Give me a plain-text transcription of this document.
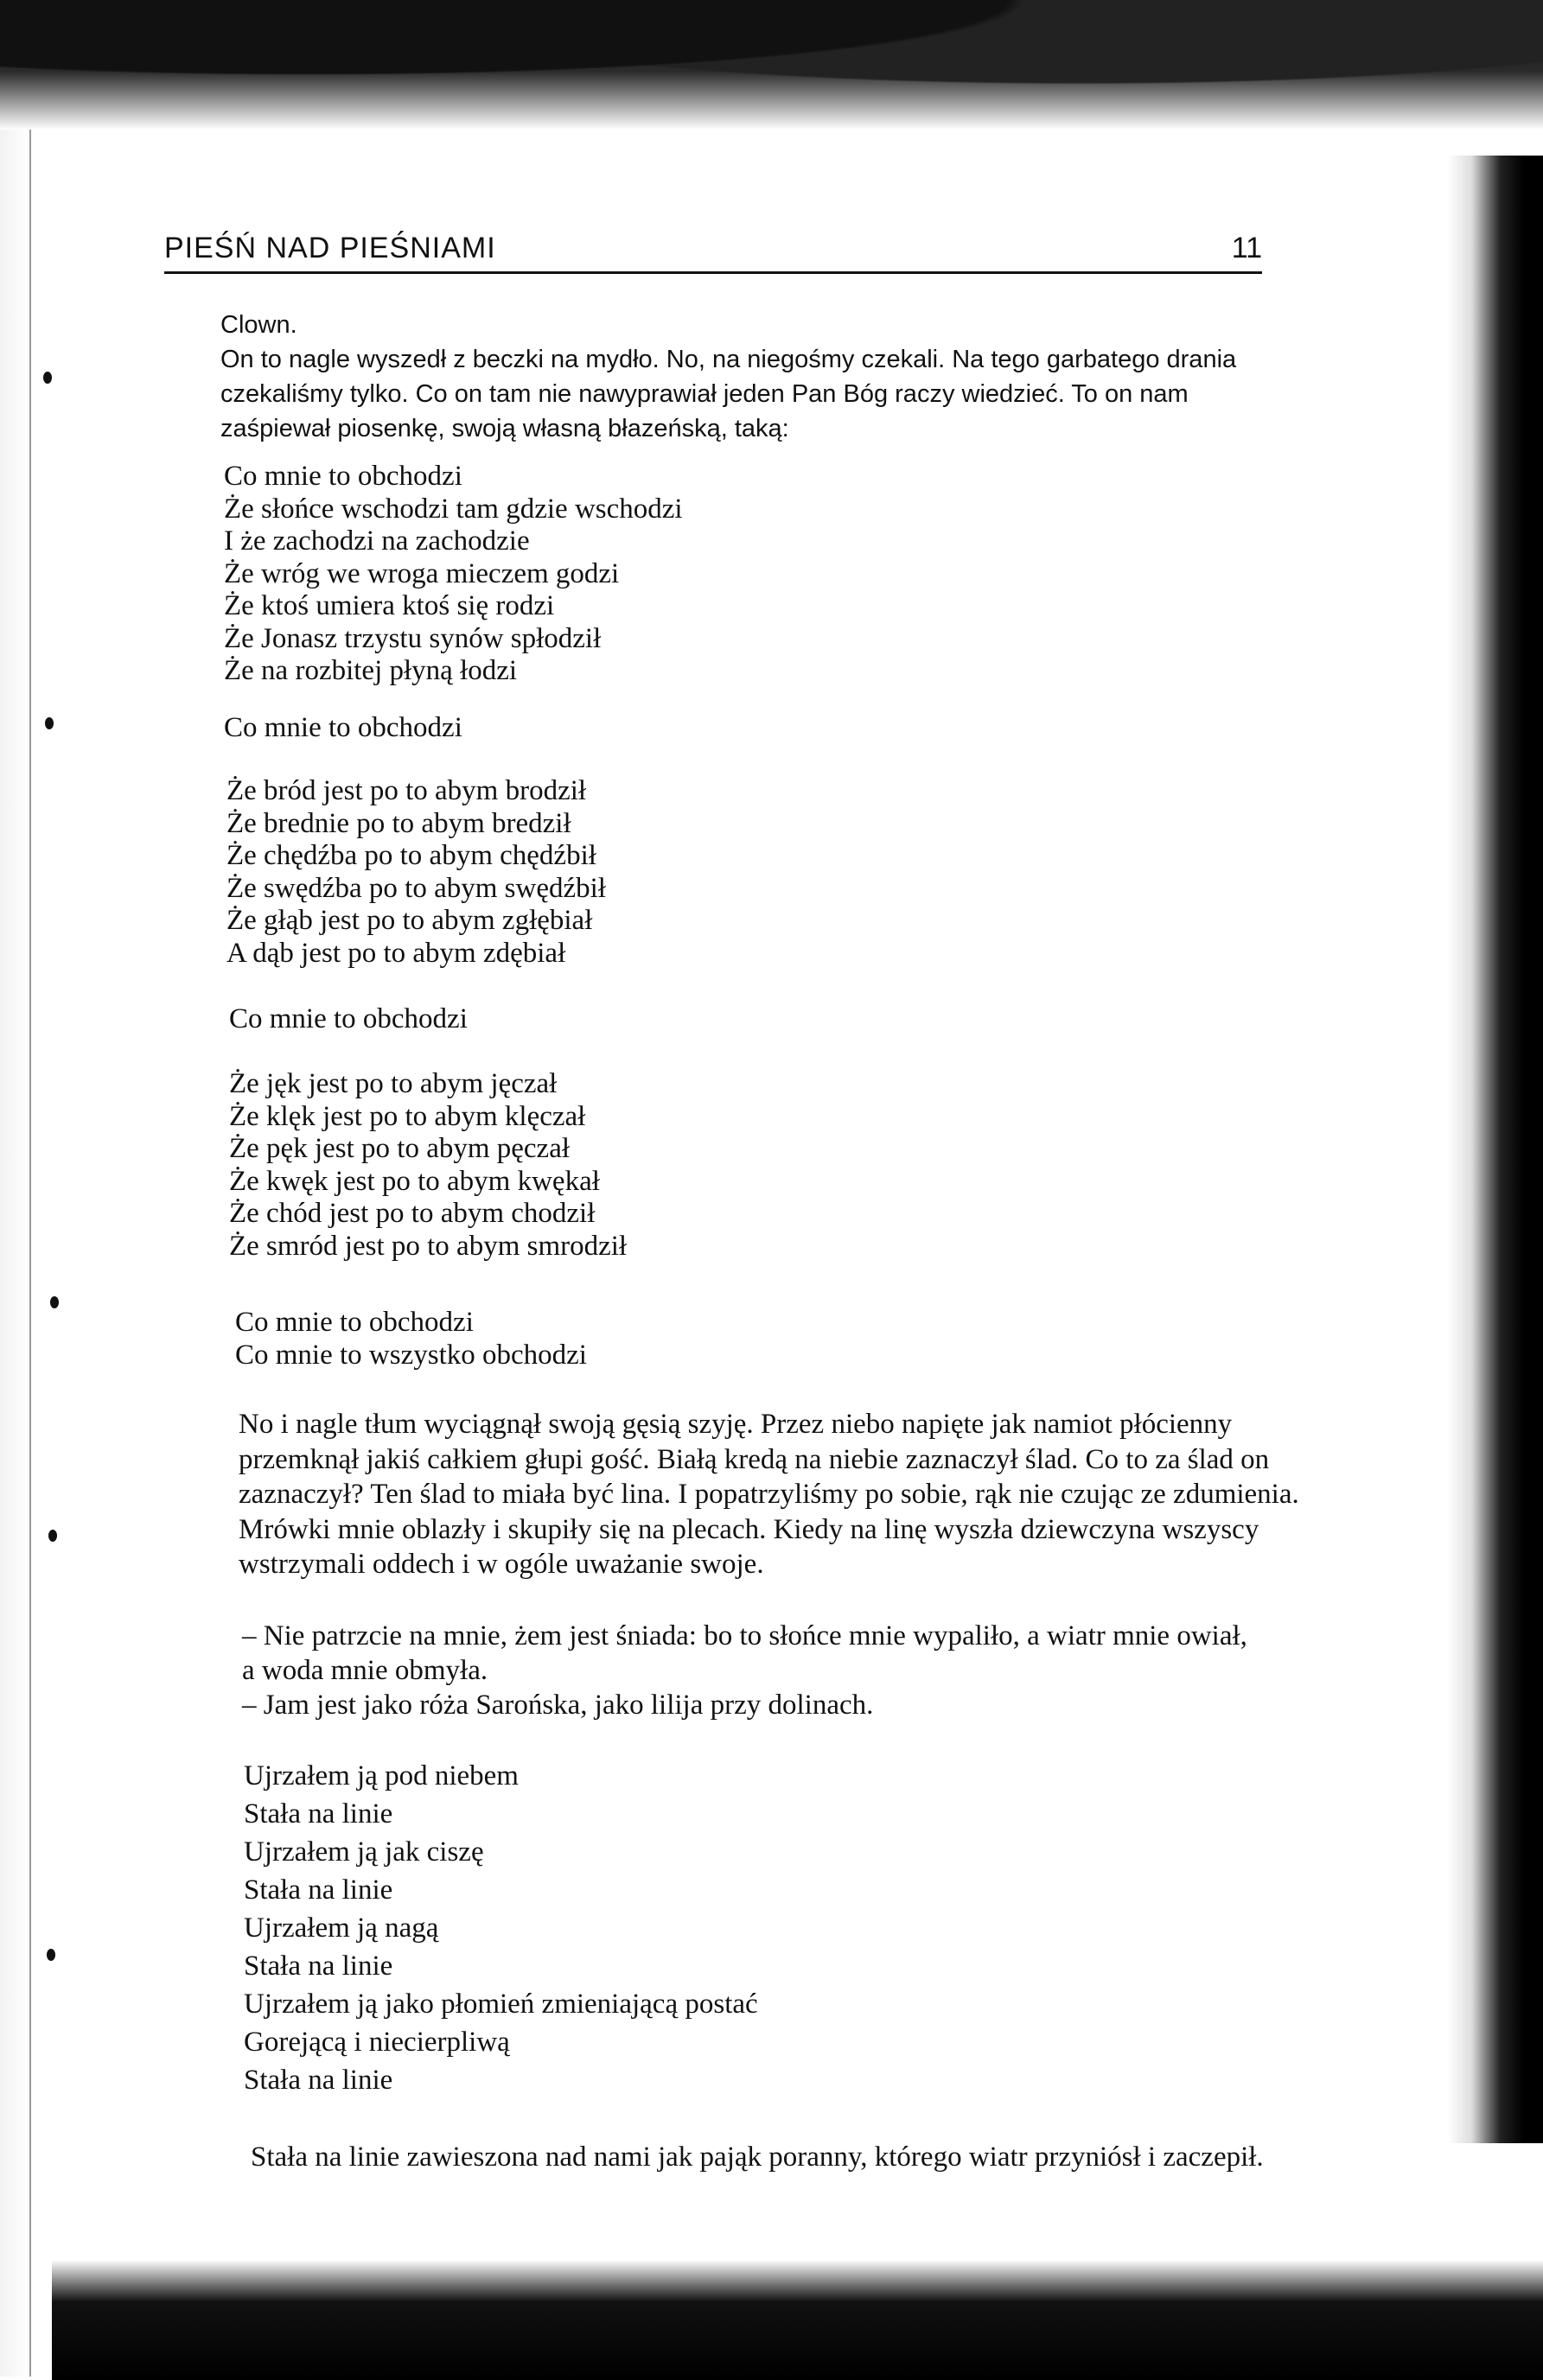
PIEŚŃ NAD PIEŚNIAMI	11
Clown.
On to nagle wyszedł z beczki na mydło. No, na niegośmy czekali. Na tego garbatego drania
czekaliśmy tylko. Co on tam nie nawyprawiał jeden Pan Bóg raczy wiedzieć. To on nam
zaśpiewał piosenkę, swoją własną błazeńską, taką:
Co mnie to obchodzi
Że słońce wschodzi tam gdzie wschodzi
I że zachodzi na zachodzie
Że wróg we wroga mieczem godzi
Że ktoś umiera ktoś się rodzi
Że Jonasz trzystu synów spłodził
Że na rozbitej płyną łodzi
Co mnie to obchodzi
Że bród jest po to abym brodził
Że brednie po to abym bredził
Że chędźba po to abym chędźbił
Że swędźba po to abym swędźbił
Że głąb jest po to abym zgłębiał
A dąb jest po to abym zdębiał
Co mnie to obchodzi
Że jęk jest po to abym jęczał
Że klęk jest po to abym klęczał
Że pęk jest po to abym pęczał
Że kwęk jest po to abym kwękał
Że chód jest po to abym chodził
Że smród jest po to abym smrodził
Co mnie to obchodzi
Co mnie to wszystko obchodzi
No i nagle tłum wyciągnął swoją gęsią szyję. Przez niebo napięte jak namiot płócienny
przemknął jakiś całkiem głupi gość. Białą kredą na niebie zaznaczył ślad. Co to za ślad on
zaznaczył? Ten ślad to miała być lina. I popatrzyliśmy po sobie, rąk nie czując ze zdumienia.
Mrówki mnie oblazły i skupiły się na plecach. Kiedy na linę wyszła dziewczyna wszyscy
wstrzymali oddech i w ogóle uważanie swoje.
– Nie patrzcie na mnie, żem jest śniada: bo to słońce mnie wypaliło, a wiatr mnie owiał,
a woda mnie obmyła.
– Jam jest jako róża Sarońska, jako lilija przy dolinach.
Ujrzałem ją pod niebem
Stała na linie
Ujrzałem ją jak ciszę
Stała na linie
Ujrzałem ją nagą
Stała na linie
Ujrzałem ją jako płomień zmieniającą postać
Gorejącą i niecierpliwą
Stała na linie
Stała na linie zawieszona nad nami jak pająk poranny, którego wiatr przyniósł i zaczepił.
